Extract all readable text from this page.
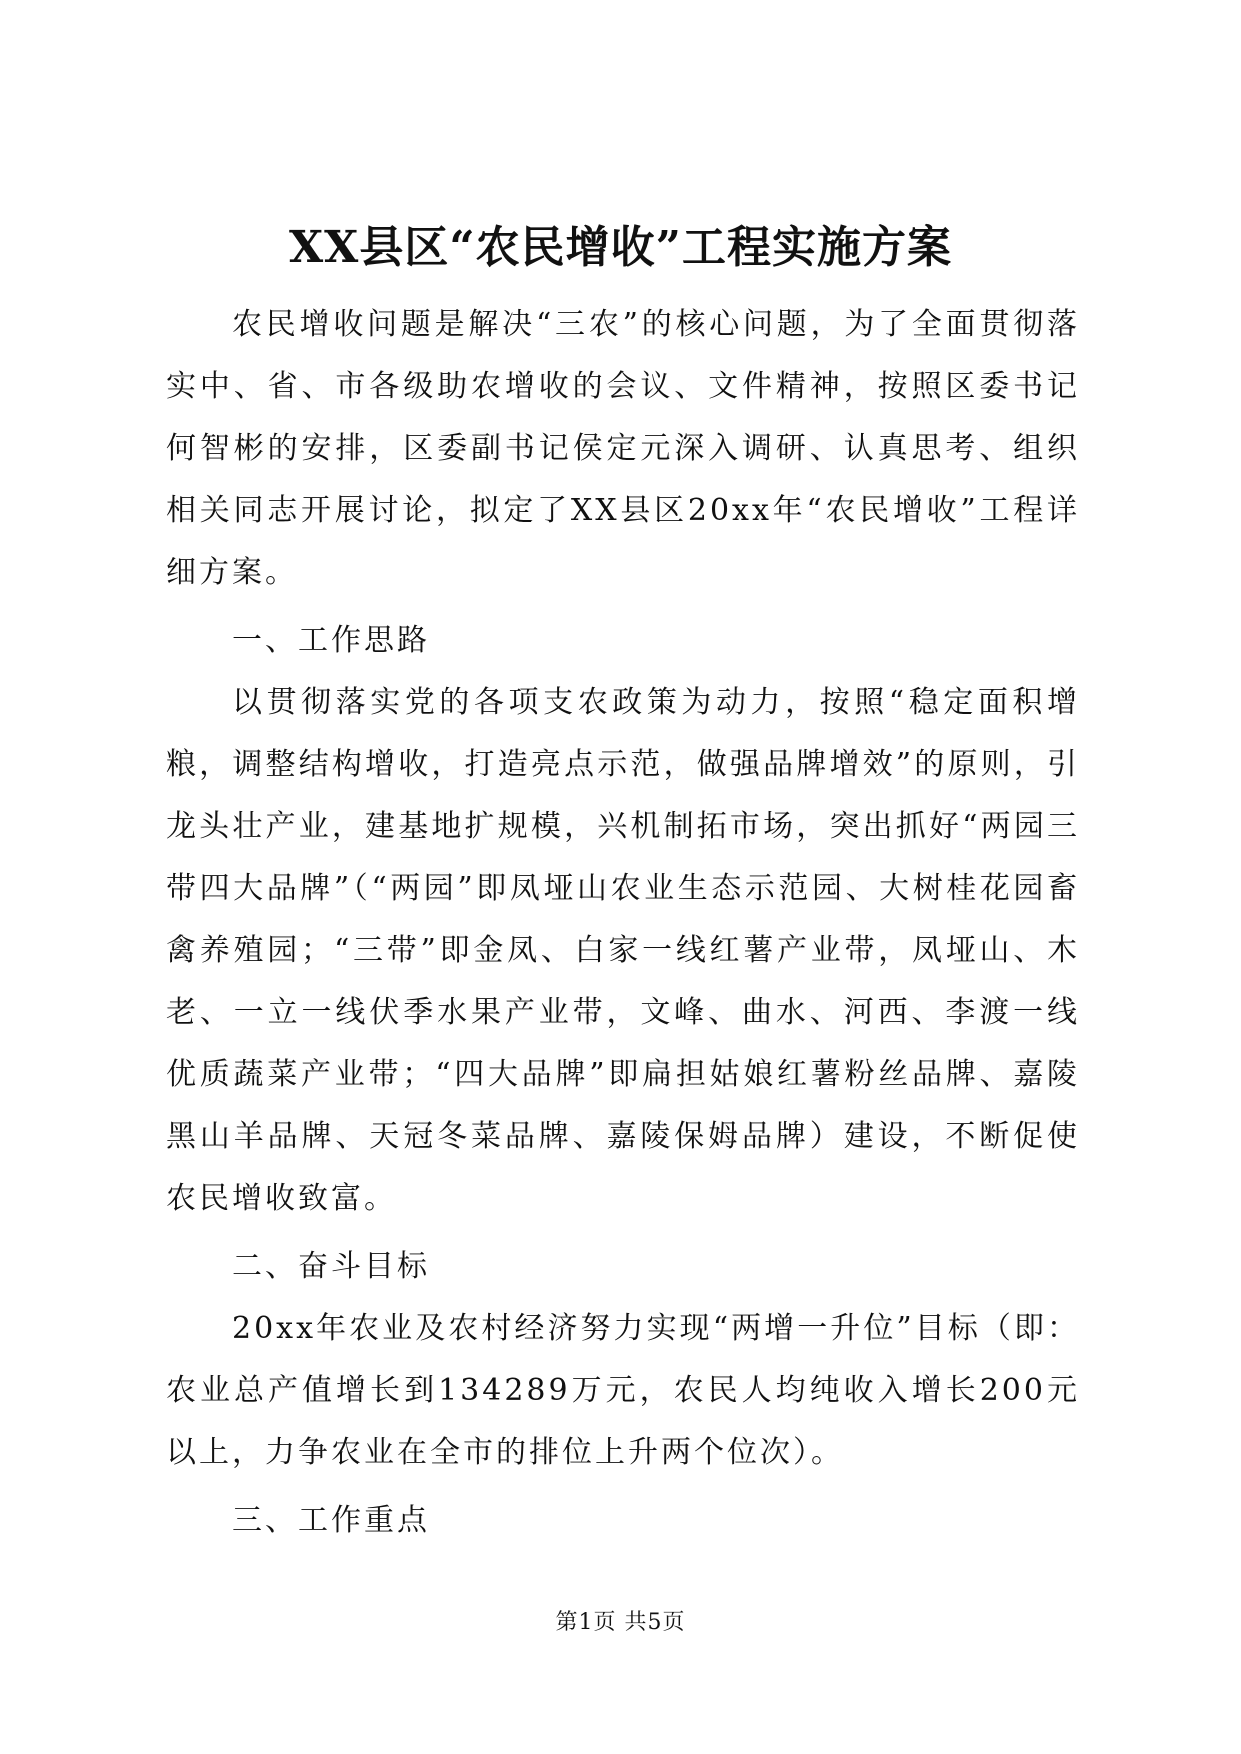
XX县区“农民增收”工程实施方案

农民增收问题是解决“三农”的核心问题，为了全面贯彻落实中、省、市各级助农增收的会议、文件精神，按照区委书记何智彬的安排，区委副书记侯定元深入调研、认真思考、组织相关同志开展讨论，拟定了XX县区20xx年“农民增收”工程详细方案。

一、工作思路

以贯彻落实党的各项支农政策为动力，按照“稳定面积增粮，调整结构增收，打造亮点示范，做强品牌增效”的原则，引龙头壮产业，建基地扩规模，兴机制拓市场，突出抓好“两园三带四大品牌”（“两园”即凤垭山农业生态示范园、大树桂花园畜禽养殖园；“三带”即金凤、白家一线红薯产业带，凤垭山、木老、一立一线伏季水果产业带，文峰、曲水、河西、李渡一线优质蔬菜产业带；“四大品牌”即扁担姑娘红薯粉丝品牌、嘉陵黑山羊品牌、天冠冬菜品牌、嘉陵保姆品牌）建设，不断促使农民增收致富。

二、奋斗目标

20xx年农业及农村经济努力实现“两增一升位”目标（即：农业总产值增长到134289万元，农民人均纯收入增长200元以上，力争农业在全市的排位上升两个位次）。

三、工作重点

第1页 共5页
